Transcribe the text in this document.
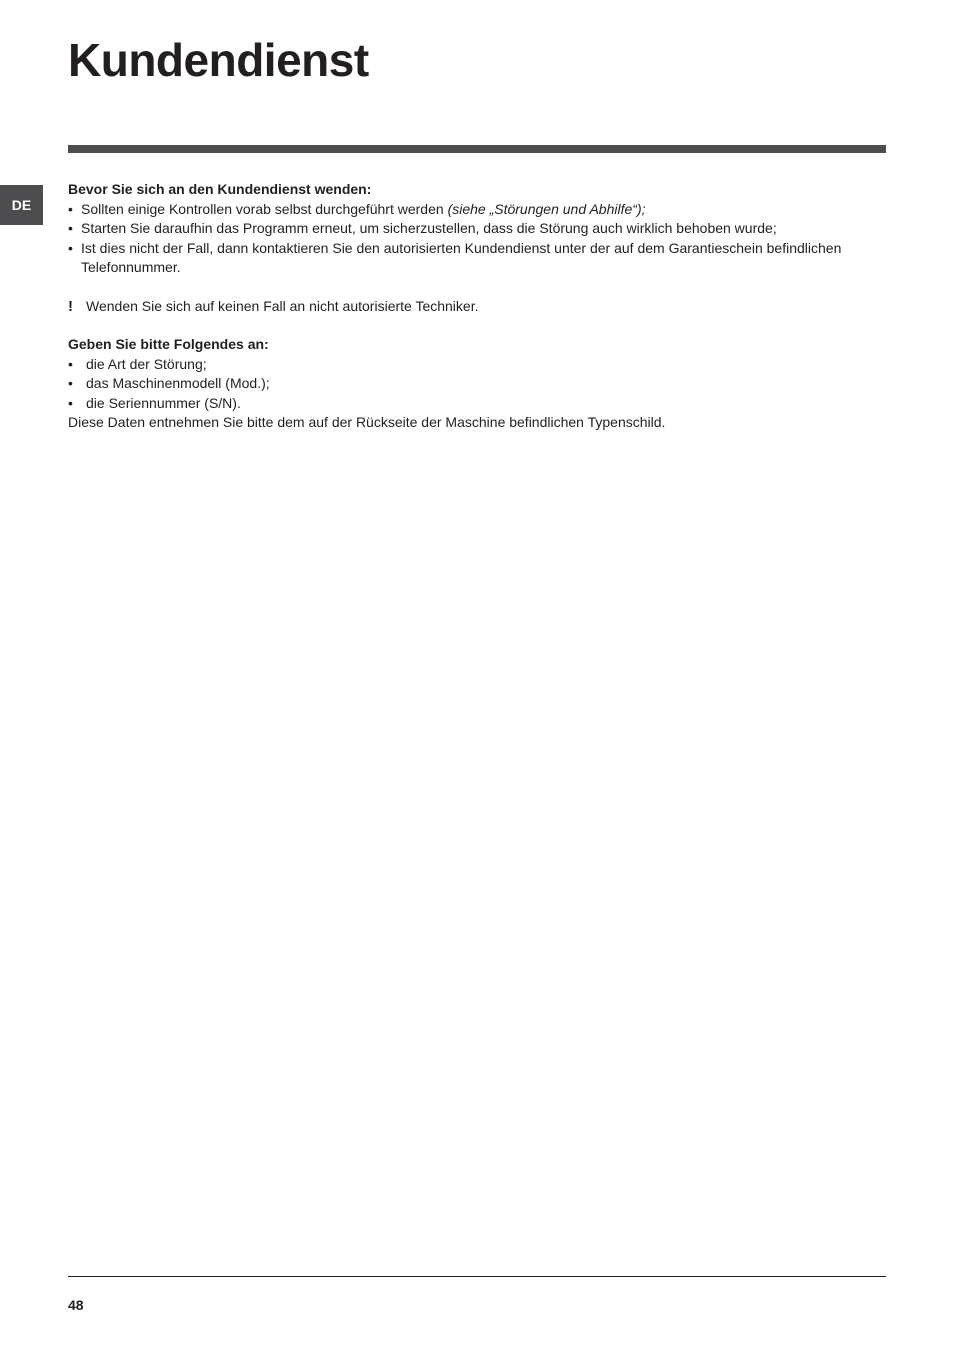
Kundendienst
DE

Bevor Sie sich an den Kundendienst wenden:

• Sollten einige Kontrollen vorab selbst durchgeführt werden (siehe „Störungen und Abhilfe“);
• Starten Sie daraufhin das Programm erneut, um sicherzustellen, dass die Störung auch wirklich behoben wurde;
• Ist dies nicht der Fall, dann kontaktieren Sie den autorisierten Kundendienst unter der auf dem Garantieschein befindlichen Telefonnummer.
! Wenden Sie sich auf keinen Fall an nicht autorisierte Techniker.

Geben Sie bitte Folgendes an:

• die Art der Störung;
• das Maschinenmodell (Mod.);
• die Seriennummer (S/N).

Diese Daten entnehmen Sie bitte dem auf der Rückseite der Maschine befindlichen Typenschild.

48
